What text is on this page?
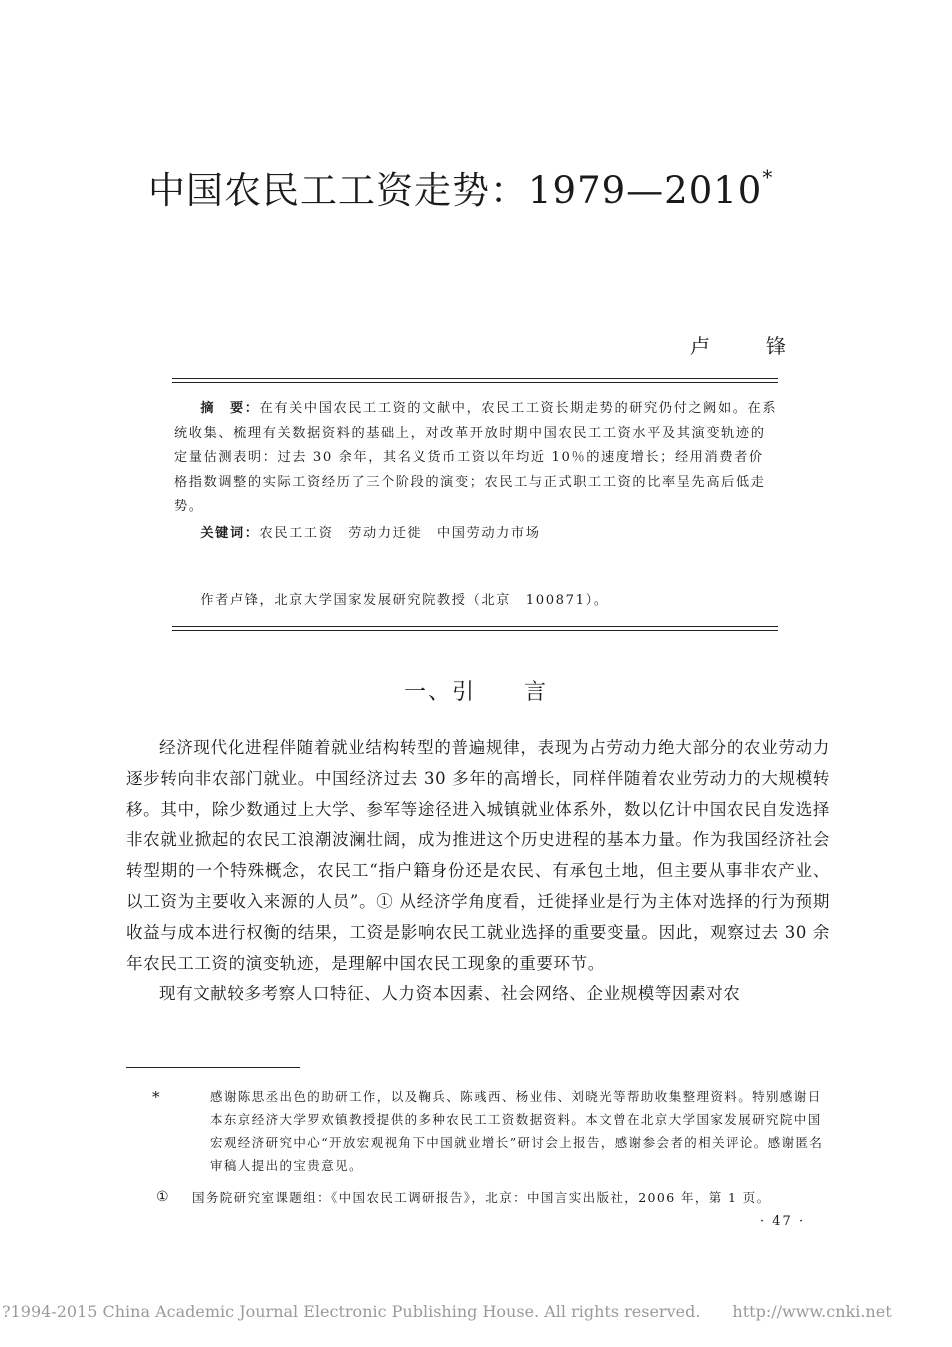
中国农民工工资走势：1979—2010*
卢	锋

摘　要：在有关中国农民工工资的文献中，农民工工资长期走势的研究仍付之阙如。在系统收集、梳理有关数据资料的基础上，对改革开放时期中国农民工工资水平及其演变轨迹的定量估测表明：过去 30 余年，其名义货币工资以年均近 10％的速度增长；经用消费者价格指数调整的实际工资经历了三个阶段的演变；农民工与正式职工工资的比率呈先高后低走势。

关键词：农民工工资　劳动力迁徙　中国劳动力市场

作者卢锋，北京大学国家发展研究院教授（北京　100871）。

一、引 言

经济现代化进程伴随着就业结构转型的普遍规律，表现为占劳动力绝大部分的农业劳动力逐步转向非农部门就业。中国经济过去 30 多年的高增长，同样伴随着农业劳动力的大规模转移。其中，除少数通过上大学、参军等途径进入城镇就业体系外，数以亿计中国农民自发选择非农就业掀起的农民工浪潮波澜壮阔，成为推进这个历史进程的基本力量。作为我国经济社会转型期的一个特殊概念，农民工“指户籍身份还是农民、有承包土地，但主要从事非农产业、以工资为主要收入来源的人员”。① 从经济学角度看，迁徙择业是行为主体对选择的行为预期收益与成本进行权衡的结果，工资是影响农民工就业选择的重要变量。因此，观察过去 30 余年农民工工资的演变轨迹，是理解中国农民工现象的重要环节。

现有文献较多考察人口特征、人力资本因素、社会网络、企业规模等因素对农

*	感谢陈思丞出色的助研工作，以及鞠兵、陈彧西、杨业伟、刘晓光等帮助收集整理资料。特别感谢日本东京经济大学罗欢镇教授提供的多种农民工工资数据资料。本文曾在北京大学国家发展研究院中国宏观经济研究中心“开放宏观视角下中国就业增长”研讨会上报告，感谢参会者的相关评论。感谢匿名审稿人提出的宝贵意见。
① 国务院研究室课题组：《中国农民工调研报告》，北京：中国言实出版社，2006 年，第 1 页。
· 47 ·
?1994-2015 China Academic Journal Electronic Publishing House. All rights reserved.　　http://www.cnki.net
